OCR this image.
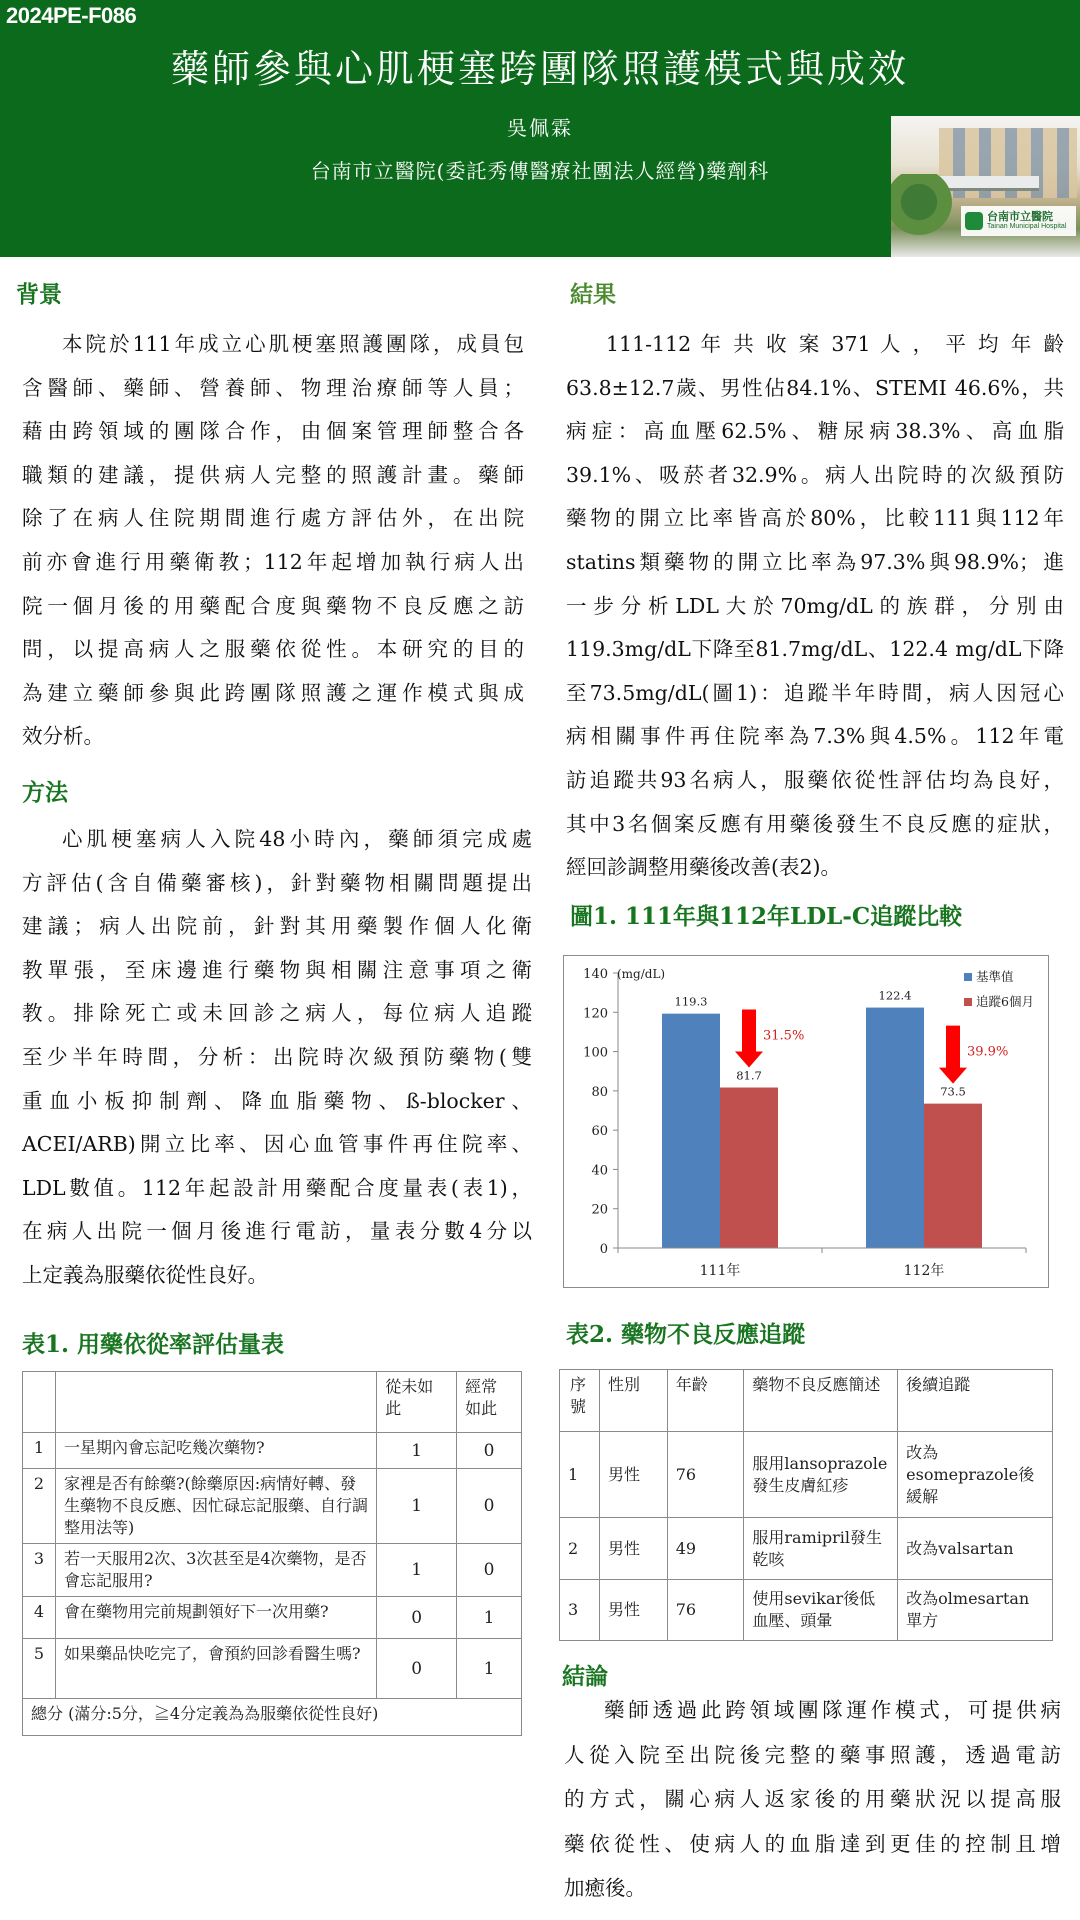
2024PE-F086
藥師參與心肌梗塞跨團隊照護模式與成效
吳佩霖
台南市立醫院(委託秀傳醫療社團法人經營)藥劑科
台南市立醫院
Tainan Municipal Hospital
背景
本院於111年成立心肌梗塞照護團隊，成員包
含醫師、藥師、營養師、物理治療師等人員；
藉由跨領域的團隊合作，由個案管理師整合各
職類的建議，提供病人完整的照護計畫。藥師
除了在病人住院期間進行處方評估外，在出院
前亦會進行用藥衛教；112年起增加執行病人出
院一個月後的用藥配合度與藥物不良反應之訪
問，以提高病人之服藥依從性。本研究的目的
為建立藥師參與此跨團隊照護之運作模式與成
效分析。
方法
心肌梗塞病人入院48小時內，藥師須完成處
方評估(含自備藥審核)，針對藥物相關問題提出
建議；病人出院前，針對其用藥製作個人化衛
教單張，至床邊進行藥物與相關注意事項之衛
教。排除死亡或未回診之病人，每位病人追蹤
至少半年時間，分析：出院時次級預防藥物(雙
重血小板抑制劑、降血脂藥物、ß-blocker、
ACEI/ARB)開立比率、因心血管事件再住院率、
LDL數值。112年起設計用藥配合度量表(表1)，
在病人出院一個月後進行電訪，量表分數4分以
上定義為服藥依從性良好。
表1. 用藥依從率評估量表
		從未如此	經常如此
1	一星期內會忘記吃幾次藥物?	1	0
2	家裡是否有餘藥?(餘藥原因:病情好轉、發生藥物不良反應、因忙碌忘記服藥、自行調整用法等)	1	0
3	若一天服用2次、3次甚至是4次藥物，是否會忘記服用?	1	0
4	會在藥物用完前規劃領好下一次用藥?	0	1
5	如果藥品快吃完了，會預約回診看醫生嗎?	0	1
總分 (滿分:5分，≧4分定義為為服藥依從性良好)			
結果
111-112 年 共 收 案 371 人 ， 平 均 年 齡
63.8±12.7歲、男性佔84.1%、STEMI 46.6%，共
病症：高血壓62.5%、糖尿病38.3%、高血脂
39.1%、吸菸者32.9%。病人出院時的次級預防
藥物的開立比率皆高於80%，比較111與112年
statins類藥物的開立比率為97.3%與98.9%；進
一步分析LDL大於70mg/dL的族群，分別由
119.3mg/dL下降至81.7mg/dL、122.4 mg/dL下降
至73.5mg/dL(圖1)：追蹤半年時間，病人因冠心
病相關事件再住院率為7.3%與4.5%。112年電
訪追蹤共93名病人，服藥依從性評估均為良好，
其中3名個案反應有用藥後發生不良反應的症狀，
經回診調整用藥後改善(表2)。
圖1. 111年與112年LDL-C追蹤比較
0
20
40
60
80
100
120
140
119.3
81.7
31.5%
122.4
73.5
39.9%
111年	112年
基準值
追蹤6個月
(mg/dL)
表2. 藥物不良反應追蹤
序號	性別	年齡	藥物不良反應簡述	後續追蹤
1	男性	76	服用lansoprazole發生皮膚紅疹	改為esomeprazole後緩解
2	男性	49	服用ramipril發生乾咳	改為valsartan
3	男性	76	使用sevikar後低血壓、頭暈	改為olmesartan單方
結論
藥師透過此跨領域團隊運作模式，可提供病
人從入院至出院後完整的藥事照護，透過電訪
的方式，關心病人返家後的用藥狀況以提高服
藥依從性、使病人的血脂達到更佳的控制且增
加癒後。
